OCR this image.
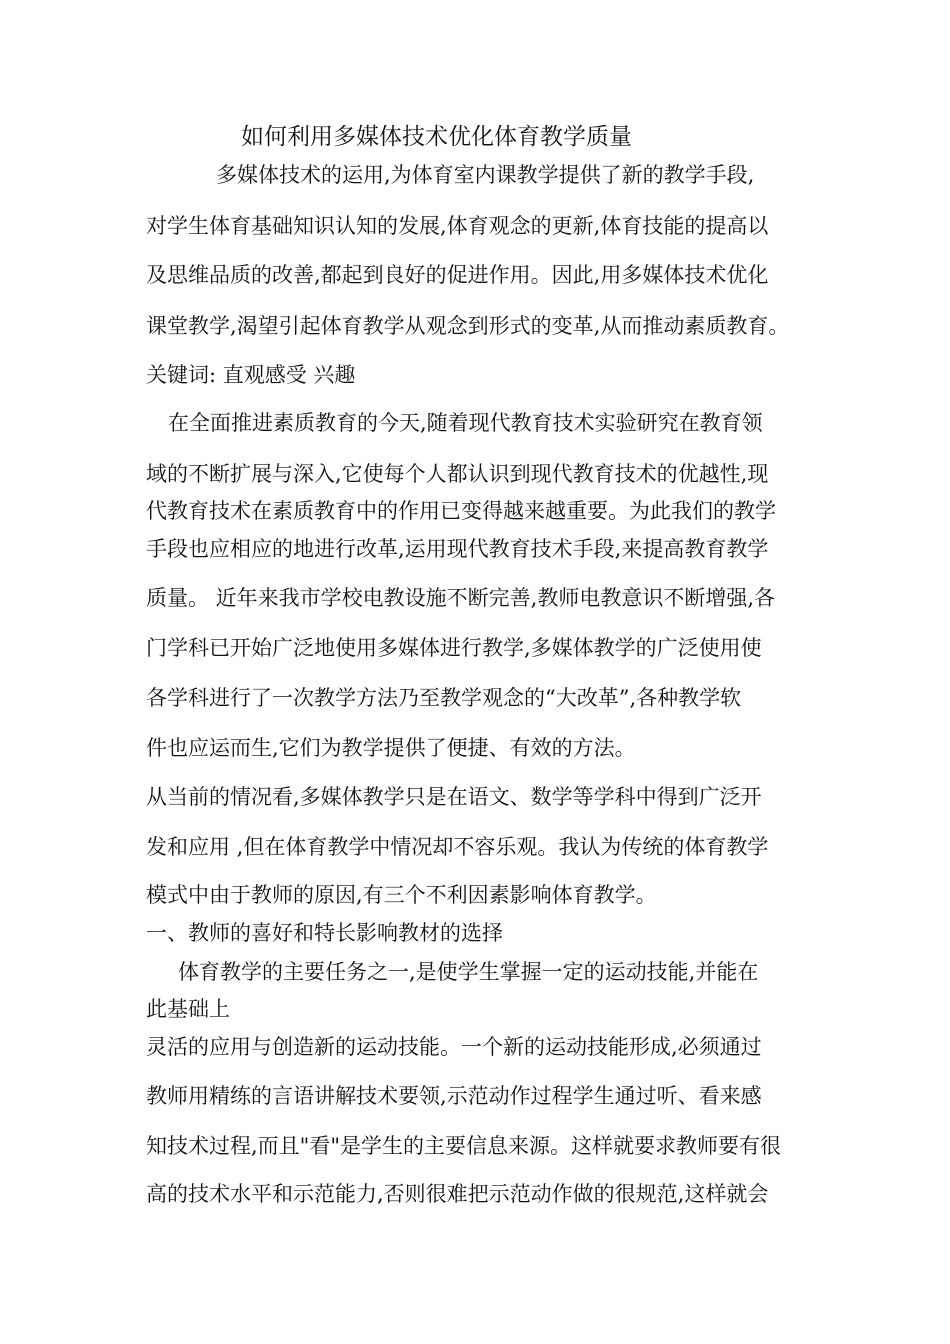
如何利用多媒体技术优化体育教学质量
多媒体技术的运用,为体育室内课教学提供了新的教学手段,
对学生体育基础知识认知的发展,体育观念的更新,体育技能的提高以
及思维品质的改善,都起到良好的促进作用。因此,用多媒体技术优化
课堂教学,渴望引起体育教学从观念到形式的变革,从而推动素质教育。
关键词: 直观感受 兴趣
在全面推进素质教育的今天,随着现代教育技术实验研究在教育领
域的不断扩展与深入,它使每个人都认识到现代教育技术的优越性,现
代教育技术在素质教育中的作用已变得越来越重要。为此我们的教学
手段也应相应的地进行改革,运用现代教育技术手段,来提高教育教学
质量。 近年来我市学校电教设施不断完善,教师电教意识不断增强,各
门学科已开始广泛地使用多媒体进行教学,多媒体教学的广泛使用使
各学科进行了一次教学方法乃至教学观念的“大改革”,各种教学软
件也应运而生,它们为教学提供了便捷、有效的方法。
从当前的情况看,多媒体教学只是在语文、数学等学科中得到广泛开
发和应用 ,但在体育教学中情况却不容乐观。我认为传统的体育教学
模式中由于教师的原因,有三个不利因素影响体育教学。
一、教师的喜好和特长影响教材的选择
体育教学的主要任务之一,是使学生掌握一定的运动技能,并能在
此基础上
灵活的应用与创造新的运动技能。一个新的运动技能形成,必须通过
教师用精练的言语讲解技术要领,示范动作过程学生通过听、看来感
知技术过程,而且"看"是学生的主要信息来源。这样就要求教师要有很
高的技术水平和示范能力,否则很难把示范动作做的很规范,这样就会
